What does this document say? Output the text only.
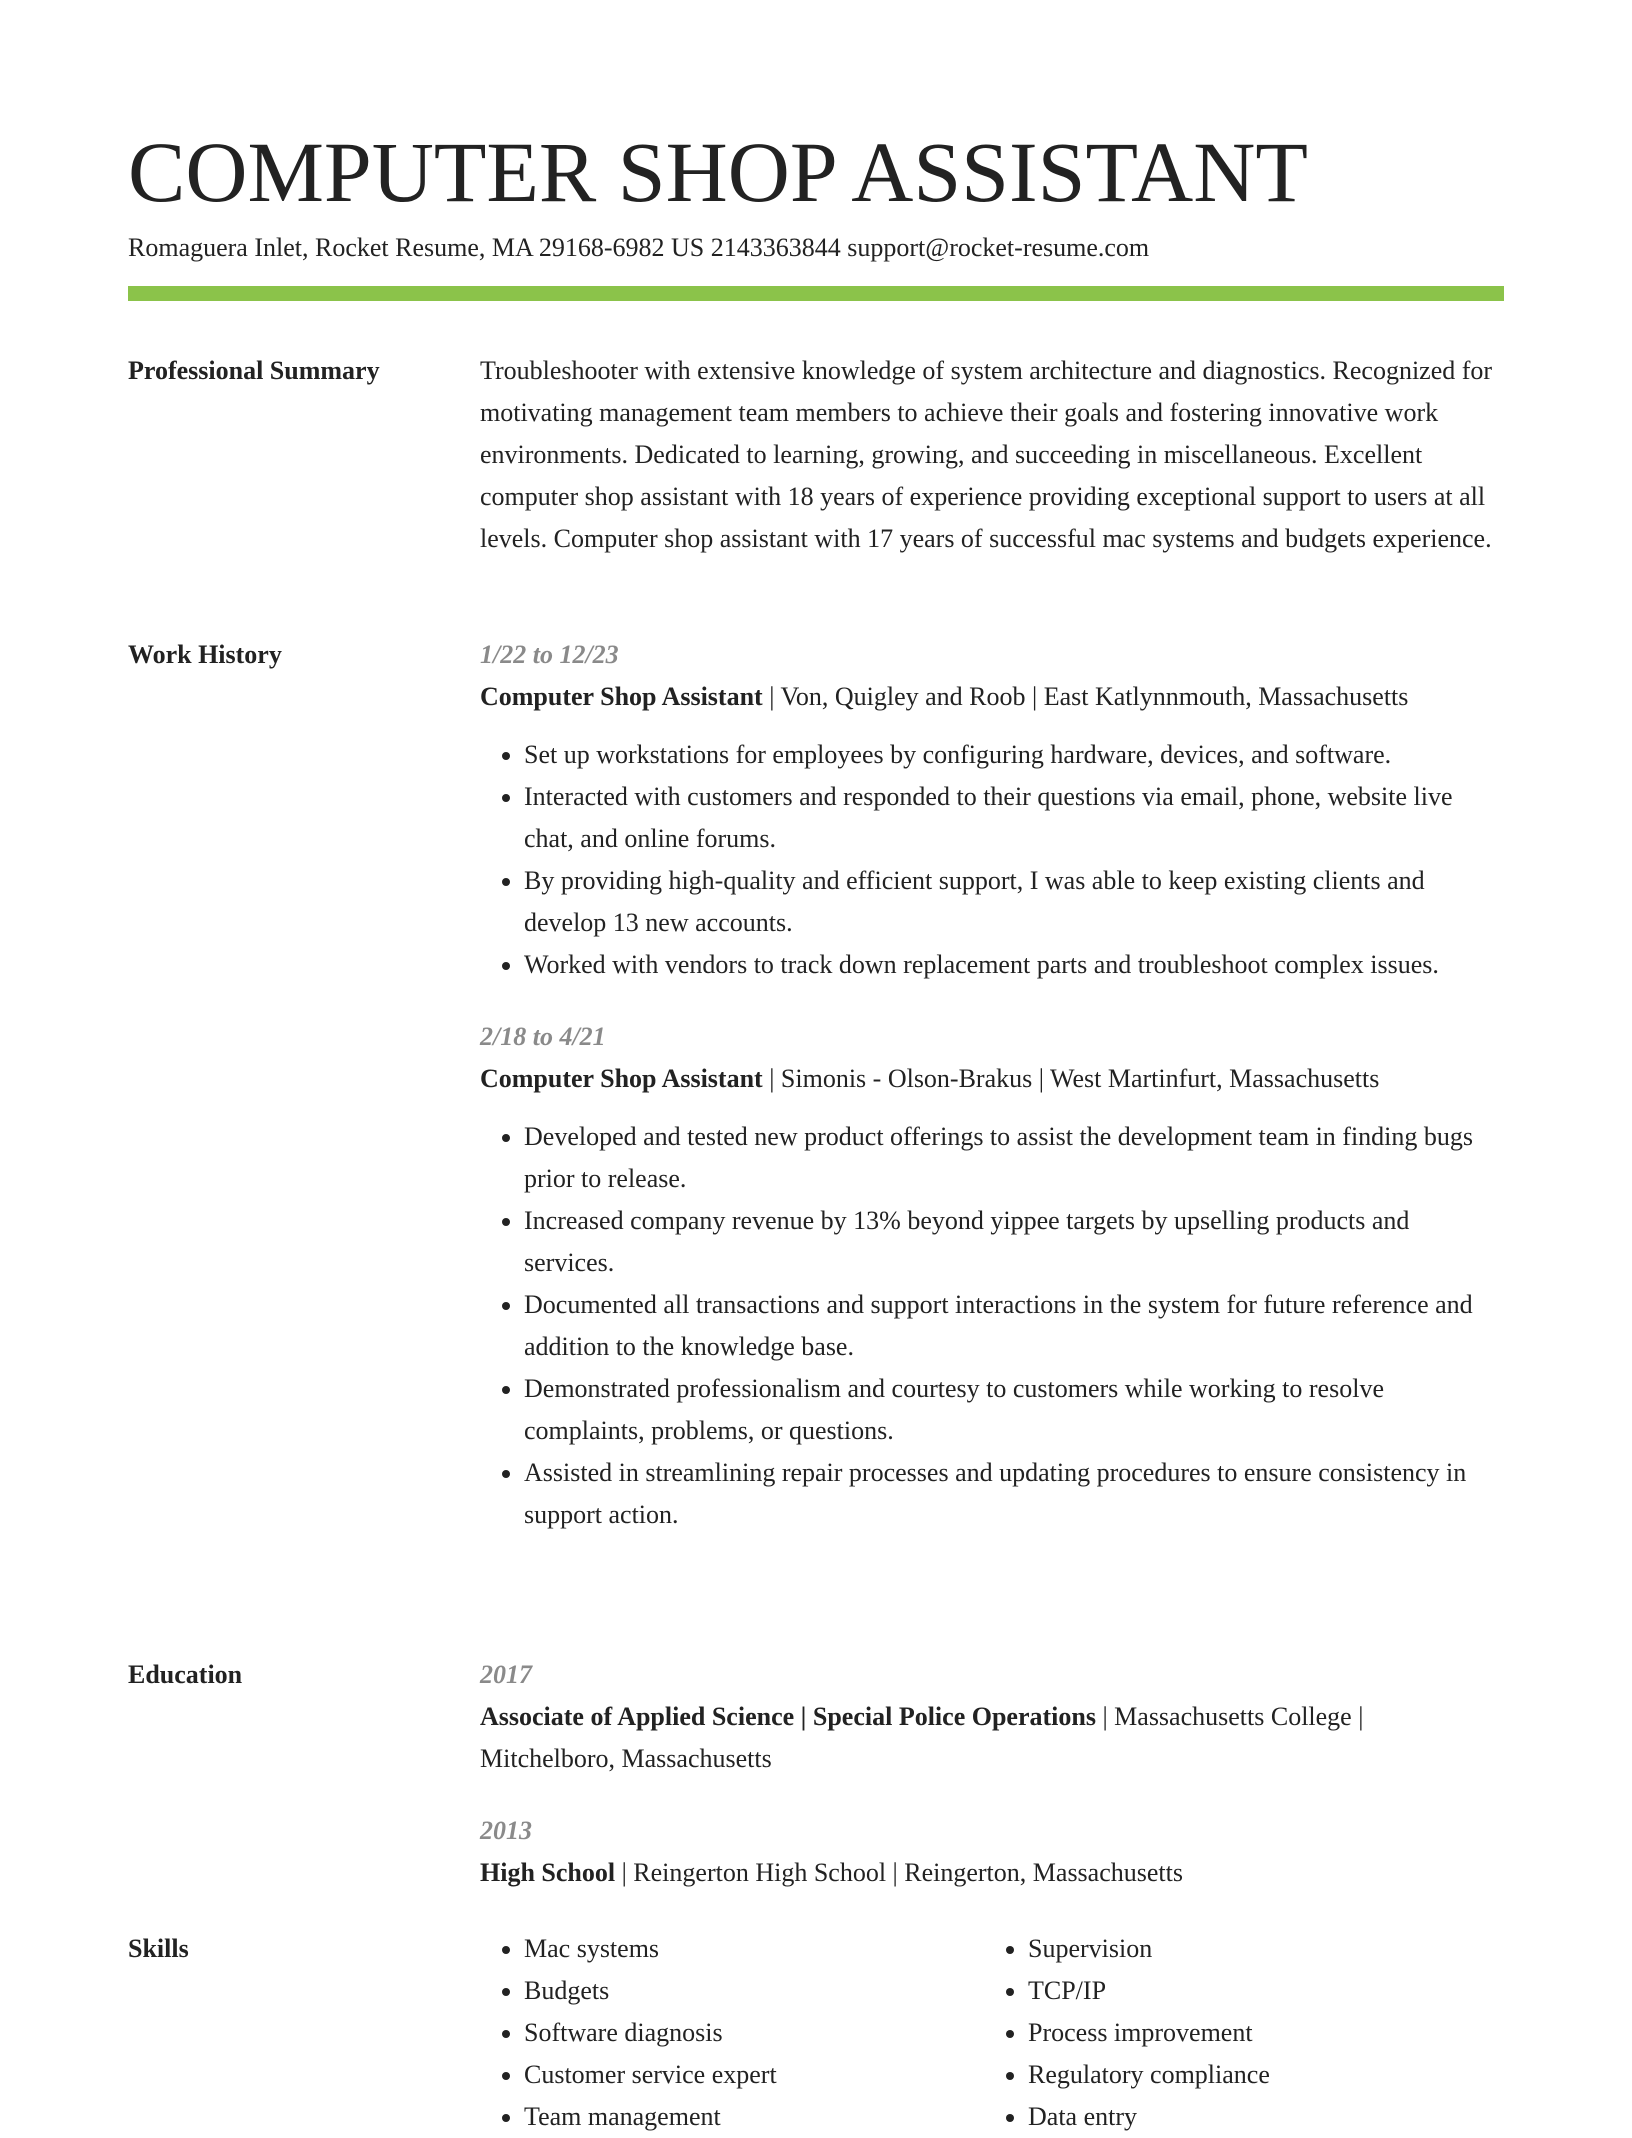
COMPUTER SHOP ASSISTANT
Romaguera Inlet, Rocket Resume, MA 29168-6982 US 2143363844 support@rocket-resume.com
Professional Summary	Troubleshooter with extensive knowledge of system architecture and diagnostics. Recognized for motivating management team members to achieve their goals and fostering innovative work environments. Dedicated to learning, growing, and succeeding in miscellaneous. Excellent computer shop assistant with 18 years of experience providing exceptional support to users at all levels. Computer shop assistant with 17 years of successful mac systems and budgets experience.
Work History	1/22 to 12/23
Computer Shop Assistant | Von, Quigley and Roob | East Katlynnmouth, Massachusetts
• Set up workstations for employees by configuring hardware, devices, and software.
• Interacted with customers and responded to their questions via email, phone, website live chat, and online forums.
• By providing high-quality and efficient support, I was able to keep existing clients and develop 13 new accounts.
• Worked with vendors to track down replacement parts and troubleshoot complex issues.
2/18 to 4/21
Computer Shop Assistant | Simonis - Olson-Brakus | West Martinfurt, Massachusetts
• Developed and tested new product offerings to assist the development team in finding bugs prior to release.
• Increased company revenue by 13% beyond yippee targets by upselling products and services.
• Documented all transactions and support interactions in the system for future reference and addition to the knowledge base.
• Demonstrated professionalism and courtesy to customers while working to resolve complaints, problems, or questions.
• Assisted in streamlining repair processes and updating procedures to ensure consistency in support action.
Education	2017
Associate of Applied Science | Special Police Operations | Massachusetts College | Mitchelboro, Massachusetts
2013
High School | Reingerton High School | Reingerton, Massachusetts
Skills
•	Mac systems
• Budgets
• Software diagnosis
• Customer service expert
• Team management
• Supervision
• TCP/IP
• Process improvement
• Regulatory compliance
• Data entry
